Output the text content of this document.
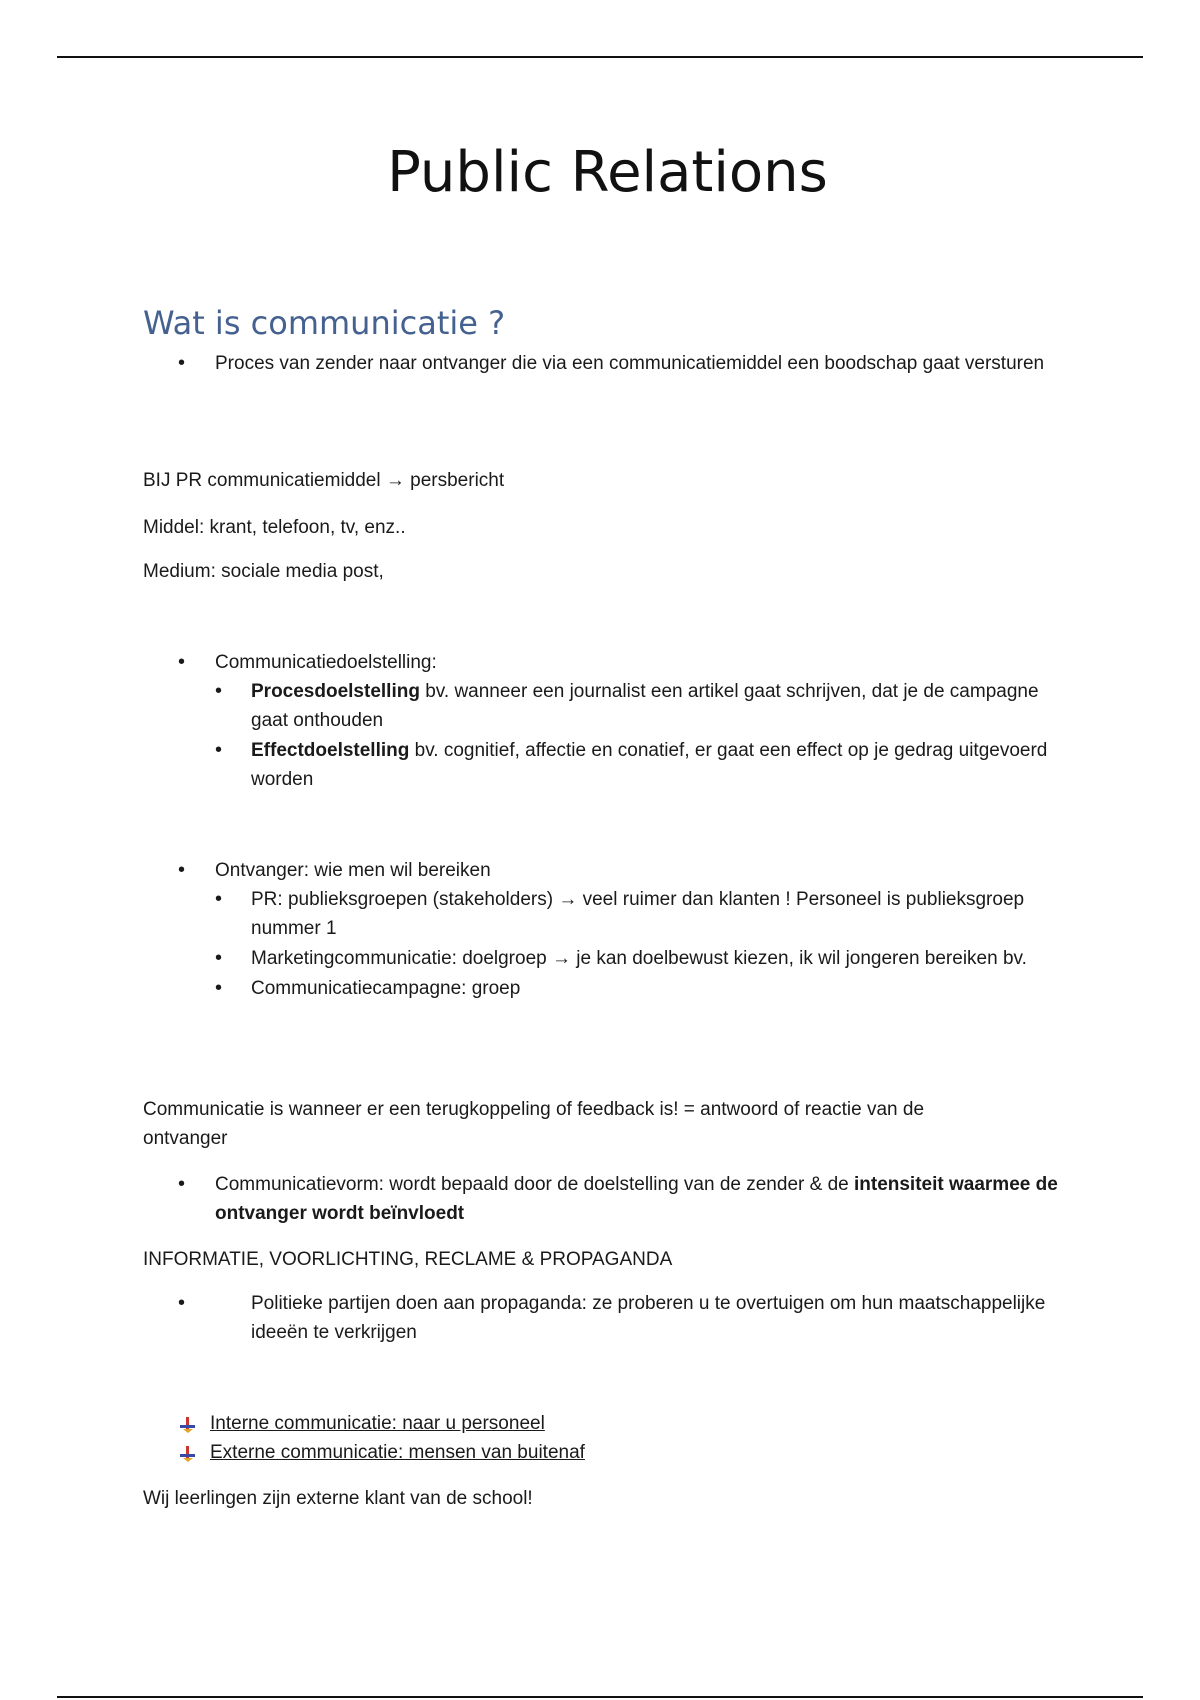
Public Relations
Wat is communicatie ?
• Proces van zender naar ontvanger die via een communicatiemiddel een boodschap gaat versturen
BIJ PR communicatiemiddel → persbericht
Middel: krant, telefoon, tv, enz..
Medium: sociale media post,
• Communicatiedoelstelling:
• Procesdoelstelling bv. wanneer een journalist een artikel gaat schrijven, dat je de campagne gaat onthouden
• Effectdoelstelling bv. cognitief, affectie en conatief, er gaat een effect op je gedrag uitgevoerd worden
• Ontvanger: wie men wil bereiken
• PR: publieksgroepen (stakeholders) → veel ruimer dan klanten ! Personeel is publieksgroep nummer 1
• Marketingcommunicatie: doelgroep → je kan doelbewust kiezen, ik wil jongeren bereiken bv.
• Communicatiecampagne: groep
Communicatie is wanneer er een terugkoppeling of feedback is! = antwoord of reactie van de ontvanger
• Communicatievorm: wordt bepaald door de doelstelling van de zender & de intensiteit waarmee de ontvanger wordt beïnvloedt
INFORMATIE, VOORLICHTING, RECLAME & PROPAGANDA
• Politieke partijen doen aan propaganda: ze proberen u te overtuigen om hun maatschappelijke ideeën te verkrijgen
Interne communicatie: naar u personeel
Externe communicatie: mensen van buitenaf
Wij leerlingen zijn externe klant van de school!
